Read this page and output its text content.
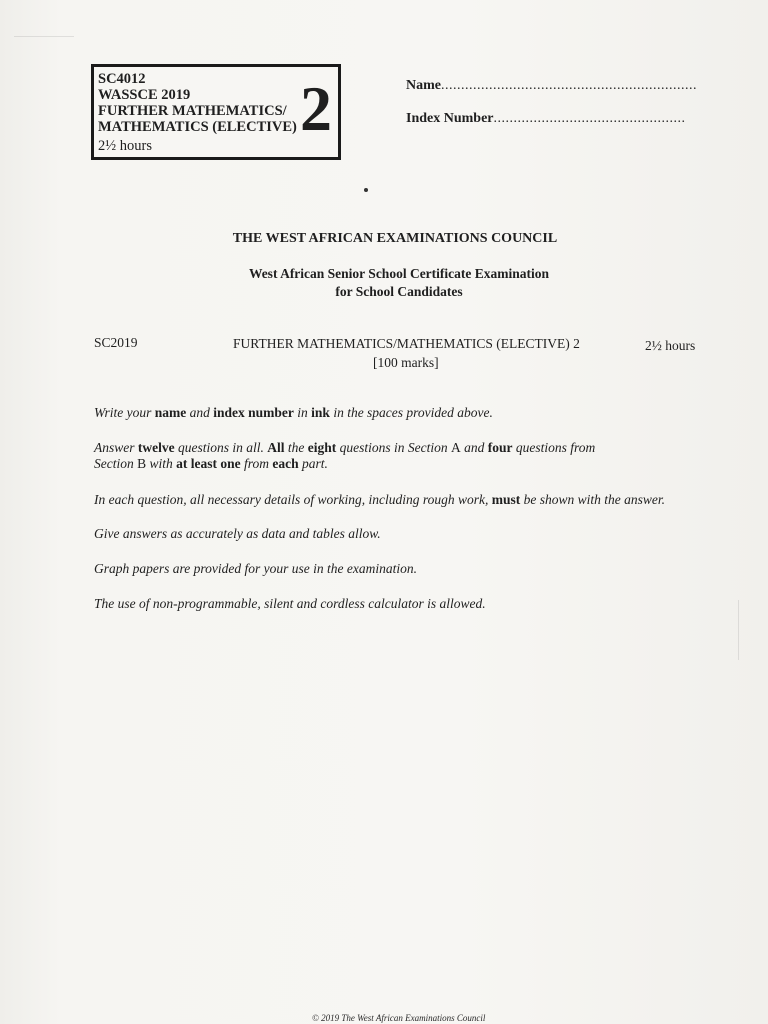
SC4012
WASSCE 2019
FURTHER MATHEMATICS/
MATHEMATICS (ELECTIVE)
2½ hours
2	Name................................................................
Index Number................................................
THE WEST AFRICAN EXAMINATIONS COUNCIL
West African Senior School Certificate Examination
for School Candidates
SC2019	FURTHER MATHEMATICS/MATHEMATICS (ELECTIVE) 2	2½ hours
[100 marks]
Write your name and index number in ink in the spaces provided above.
Answer twelve questions in all. All the eight questions in Section A and four questions from
Section B with at least one from each part.
In each question, all necessary details of working, including rough work, must be shown with the answer.
Give answers as accurately as data and tables allow.
Graph papers are provided for your use in the examination.
The use of non-programmable, silent and cordless calculator is allowed.
© 2019 The West African Examinations Council
